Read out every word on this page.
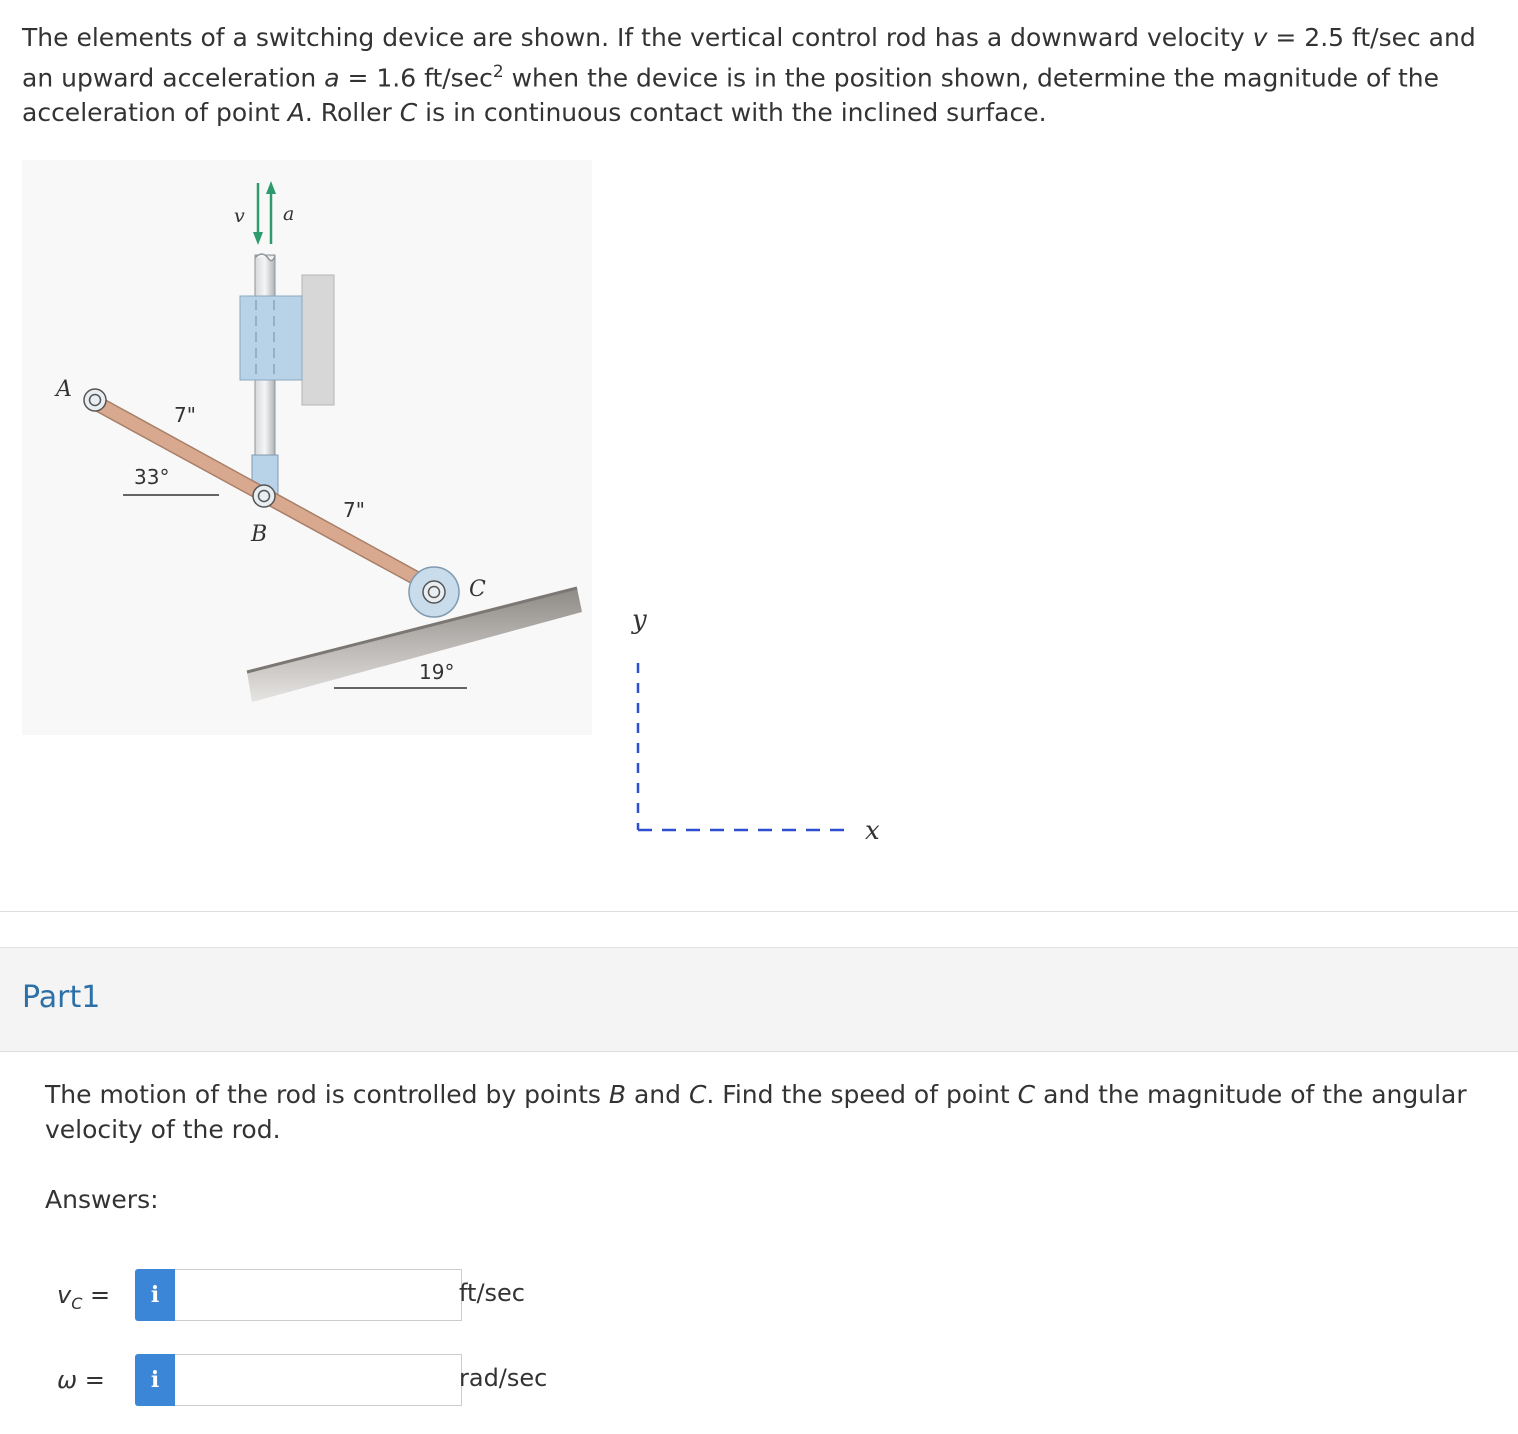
The elements of a switching device are shown. If the vertical control rod has a downward velocity v = 2.5 ft/sec and an upward acceleration a = 1.6 $ft/\sec^2$ when the device is in the position shown, determine the magnitude of the acceleration of point A. Roller C is in continuous contact with the inclined surface.
v a
A
B
C
7"
7"
33°
19°
y
x
Part1
The motion of the rod is controlled by points B and C. Find the speed of point C and the magnitude of the angular velocity of the rod.
Answers:
$v_C$ =	i	ft/sec
ω =	i	rad/sec
